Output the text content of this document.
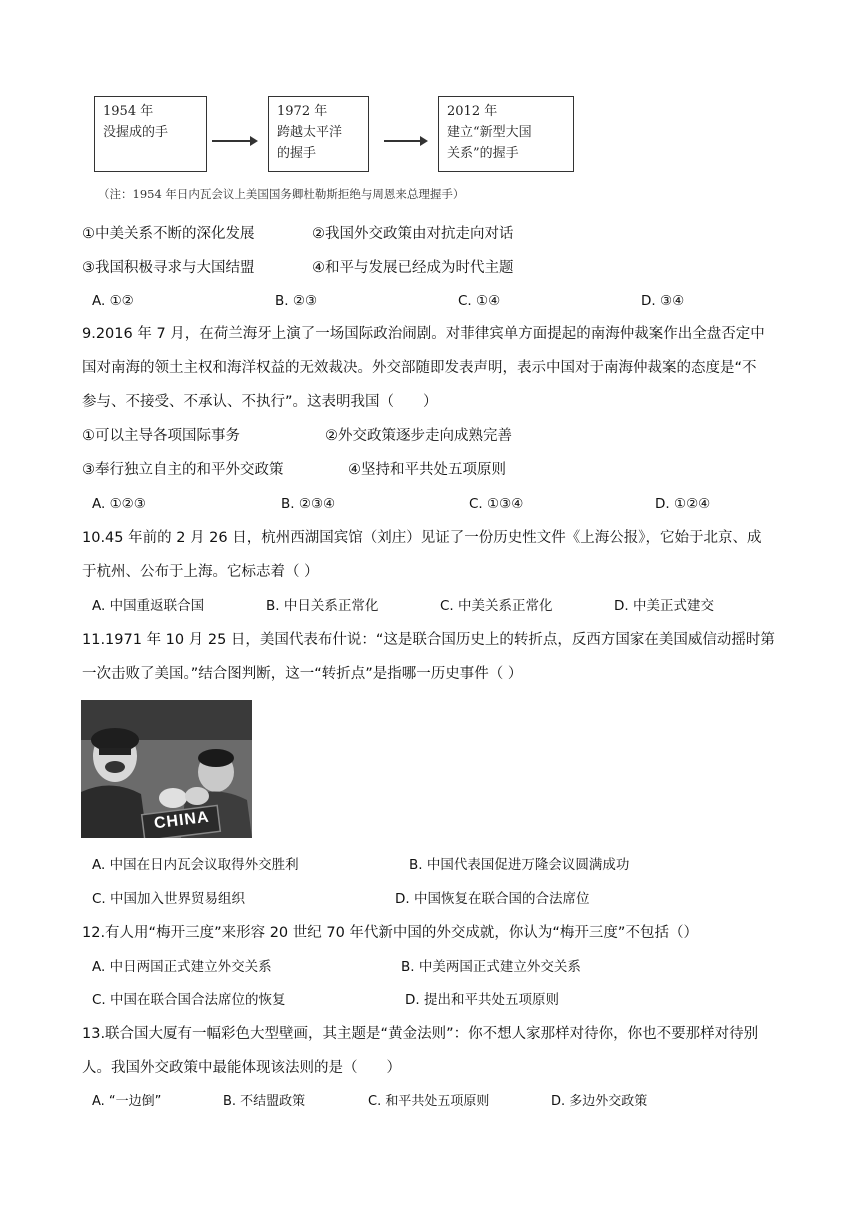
1954 年
没握成的手
1972 年
跨越太平洋
的握手
2012 年
建立“新型大国
关系”的握手
（注：1954 年日内瓦会议上美国国务卿杜勒斯拒绝与周恩来总理握手）
①中美关系不断的深化发展	②我国外交政策由对抗走向对话
③我国积极寻求与大国结盟	④和平与发展已经成为时代主题
A. ①②	B. ②③	C. ①④	D. ③④
9.2016 年 7 月，在荷兰海牙上演了一场国际政治闹剧。对菲律宾单方面提起的南海仲裁案作出全盘否定中
国对南海的领土主权和海洋权益的无效裁决。外交部随即发表声明，表示中国对于南海仲裁案的态度是“不
参与、不接受、不承认、不执行”。这表明我国（　　）
①可以主导各项国际事务	②外交政策逐步走向成熟完善
③奉行独立自主的和平外交政策	④坚持和平共处五项原则
A. ①②③	B. ②③④	C. ①③④	D. ①②④
10.45 年前的 2 月 26 日，杭州西湖国宾馆（刘庄）见证了一份历史性文件《上海公报》，它始于北京、成
于杭州、公布于上海。它标志着（ ）
A. 中国重返联合国	B. 中日关系正常化	C. 中美关系正常化	D. 中美正式建交
11.1971 年 10 月 25 日，美国代表布什说：“这是联合国历史上的转折点，反西方国家在美国威信动摇时第
一次击败了美国。”结合图判断，这一“转折点”是指哪一历史事件（ ）
CHINA
A. 中国在日内瓦会议取得外交胜利	B. 中国代表国促进万隆会议圆满成功
C. 中国加入世界贸易组织	D. 中国恢复在联合国的合法席位
12.有人用“梅开三度”来形容 20 世纪 70 年代新中国的外交成就，你认为“梅开三度”不包括（）
A. 中日两国正式建立外交关系	B. 中美两国正式建立外交关系
C. 中国在联合国合法席位的恢复	D. 提出和平共处五项原则
13.联合国大厦有一幅彩色大型壁画，其主题是“黄金法则”：你不想人家那样对待你，你也不要那样对待别
人。我国外交政策中最能体现该法则的是（　　）
A. “一边倒”	B. 不结盟政策	C. 和平共处五项原则	D. 多边外交政策
